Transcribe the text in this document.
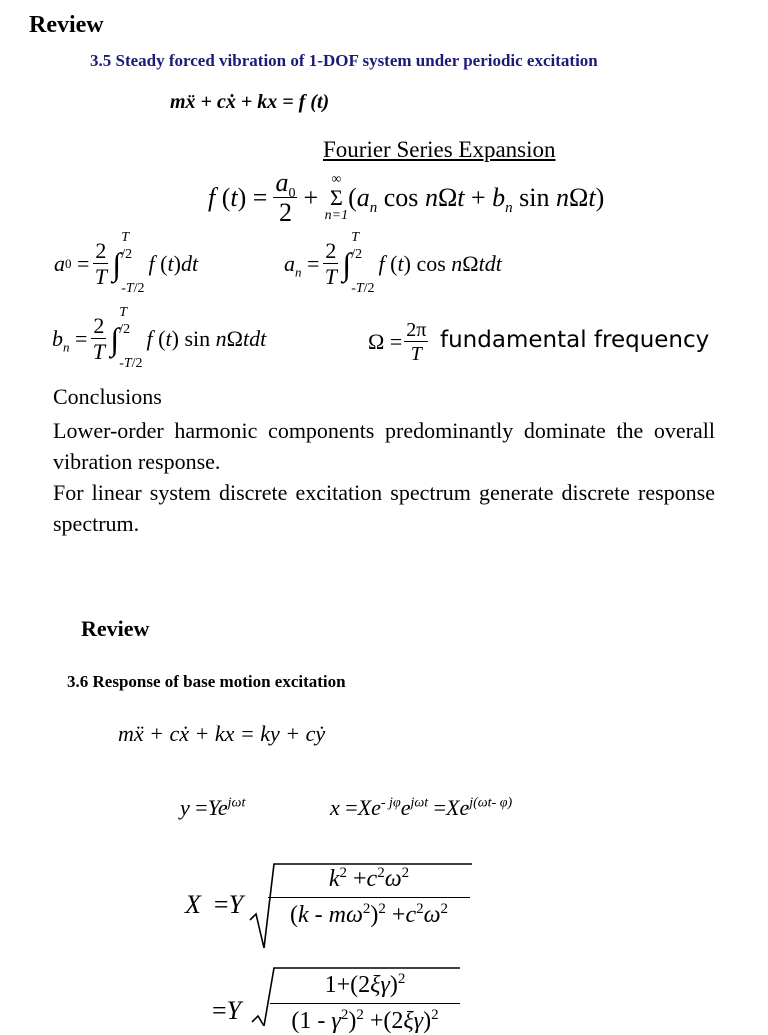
Review
3.5 Steady forced vibration of 1-DOF system under periodic excitation
mẍ + cẋ + kx = f (t)
Fourier Series Expansion
f ( t ) = $\frac{a_0}{2}$ +
∞
Σ
n=1
( $a_n$ cos n Ω $t + b_n$ sin n Ω t )
a $0 = \frac{2}{T}$ ∫
T
/2

-T/2
f ( t ) dt	$a_n = \frac{2}{T}$ ∫
T
/2

-T/2
f ( t ) cos n Ω tdt
$b_n = \frac{2}{T}$ ∫
T
/2

-T/2
f ( t ) sin n Ω tdt	$\Omega = \frac{2\pi}{T}$ fundamental frequency
Conclusions
Lower-order harmonic components predominantly dominate the overall vibration response.
For linear system discrete excitation spectrum generate discrete response spectrum.
Review
3.6 Response of base motion excitation
mẍ + cẋ + kx = ky + cẏ
$y =Ye^{j\omega t}$	$x =Xe^{- j\varphi}e^{j\omega t} =Xe^{j(\omega t- \varphi)}$
X  =Y
$k^2 +c^2\omega^2$
$(k - m\omega^2)^2 +c^2\omega^2$
=Y
$1+(2\xi\gamma)^2$
$(1 - \gamma^2)^2 +(2\xi\gamma)^2$
